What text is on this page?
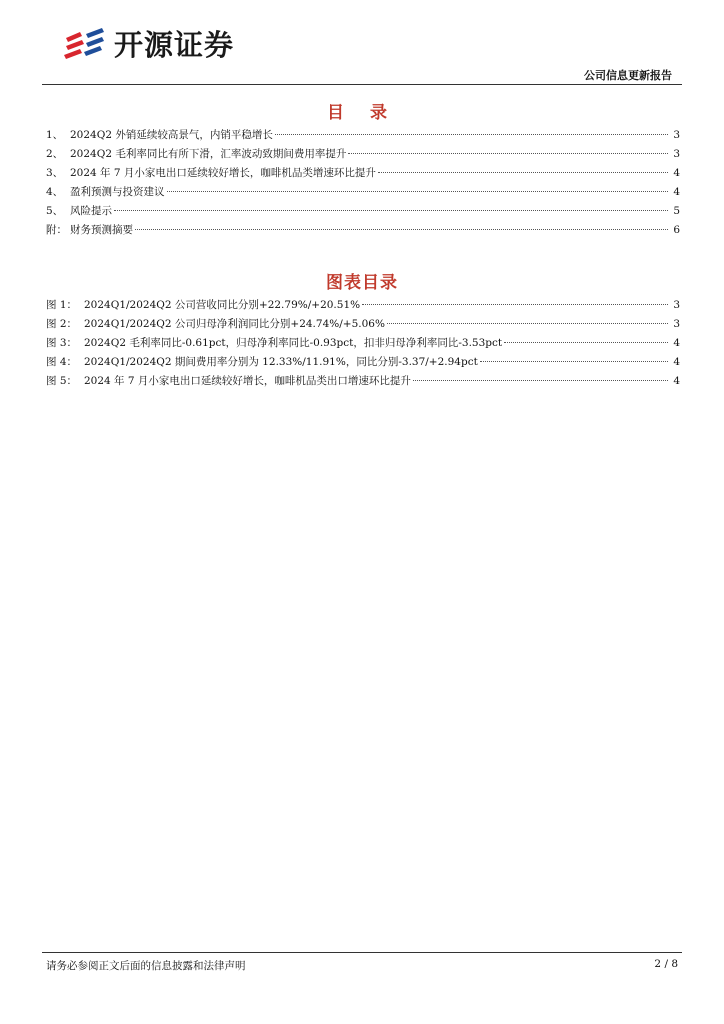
开源证券
公司信息更新报告
目 录
1、 2024Q2 外销延续较高景气，内销平稳增长	3
2、 2024Q2 毛利率同比有所下滑，汇率波动致期间费用率提升	3
3、 2024 年 7 月小家电出口延续较好增长，咖啡机品类增速环比提升	4
4、 盈利预测与投资建议	4
5、 风险提示	5
附： 财务预测摘要	6
图表目录
图 1： 2024Q1/2024Q2 公司营收同比分别+22.79%/+20.51%	3
图 2： 2024Q1/2024Q2 公司归母净利润同比分别+24.74%/+5.06%	3
图 3： 2024Q2 毛利率同比-0.61pct，归母净利率同比-0.93pct，扣非归母净利率同比-3.53pct	4
图 4： 2024Q1/2024Q2 期间费用率分别为 12.33%/11.91%，同比分别-3.37/+2.94pct	4
图 5： 2024 年 7 月小家电出口延续较好增长，咖啡机品类出口增速环比提升	4
请务必参阅正文后面的信息披露和法律声明	2 / 8
